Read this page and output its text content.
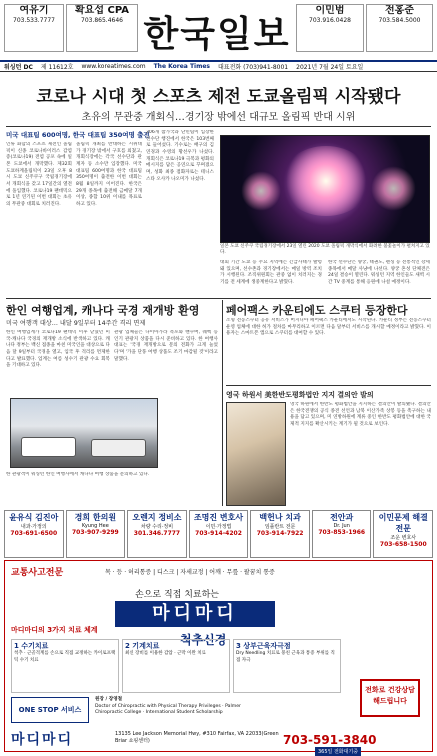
여유기
703.533.7777
확요섭 CPA
703.865.4646 한국일보
이민범
703.916.0428
전홍준
703.584.5000
워싱턴 DC 제 11612호 www.koreatimes.com The Korea Times 대표전화 (703)941-8001 2021년 7월 24일 토요일
코로나 시대 첫 스포츠 제전 도쿄올림픽 시작됐다
초유의 무관중 개회식…경기장 밖에선 대규모 올림픽 반대 시위
미국 대표팀 600여명, 한국 대표팀 350여명 출전
인류 화합의 스포츠 제전인 올림픽이 신종 코로나바이러스 감염증(코로나19) 전염 공포 속에 일본 도쿄에서 개막했다. 제32회 도쿄하계올림픽이 23일 오후 8시 도쿄 신주쿠구 국립경기장에서 개회식을 갖고 17일간의 열전에 돌입했다. 코로나19 팬데믹으로 1년 연기된 이번 대회는 초유의 무관중 대회로 치러진다.
올림픽 개최를 반대하는 시위대가 경기장 밖에서 구호를 외쳤고, 개회식장에는 각국 선수단과 관계자 등 소수만 입장했다. 미국 대표팀 600여명과 한국 대표팀 350여명이 출전한 이번 대회는 8월 8일까지 이어진다. 한국은 29개 종목에 출전해 금메달 7개 이상, 종합 10위 이내를 목표로 하고 있다.
206개 참가국과 난민팀이 입장한 선수단 행진에서 한국은 103번째로 들어섰다. 기수로는 배구의 김연경과 수영의 황선우가 나섰다. 개회식은 코로나19 극복과 평화의 메시지를 담은 공연으로 꾸며졌으며, 성화 최종 점화자로는 테니스 스타 오사카 나오미가 나섰다.
일본 도쿄 신주쿠 국립경기장에서 23일 열린 2020 도쿄 올림픽 개막식에서 화려한 불꽃놀이가 펼쳐지고 있다.
대회 기간 도쿄 등 주요 지역에는 긴급사태가 발령돼 있으며, 선수촌과 경기장에서는 매일 방역 조치가 시행된다. 조직위원회는 관중 없이 치러지는 경기를 전 세계에 생중계한다고 밝혔다.
한국 선수단은 양궁, 태권도, 펜싱 등 전통적인 강세 종목에서 메달 사냥에 나선다. 양궁 혼성 단체전은 24일 결승이 열린다. 워싱턴 지역 한인들도 새벽 시간 TV 중계를 통해 응원에 나설 예정이다.
한인 여행업계, 캐나다 국경 재개방 환영
미국 여행객 대상… 내달 9일부터 14주간 격리 면제
한인 여행업계가 코로나19 팬데믹 이후 닫혔던 미국-캐나다 국경의 재개방 소식에 반색하고 있다. 캐나다 정부는 백신 접종을 마친 미국인을 대상으로 다음 달 9일부터 국경을 열고, 입국 후 격리를 면제한다고 발표했다. 업계는 여름 성수기 관광 수요 회복을 기대하고 있다.
관광 업체들은 나이아가라 폭포와 밴쿠버, 퀘벡 등 인기 관광지 상품을 다시 준비하고 있다. 한 여행사 대표는 '국경 재개방으로 문의 전화가 크게 늘었다'며 '가을 단풍 여행 상품도 조기 마감될 것'이라고 말했다.
한 관광객이 워싱턴 한인 여행사에서 캐나다 여행 상품을 문의하고 있다.
페어팩스 카운티에도 스쿠터 등장한다
소형 전동스쿠터 공유 서비스가 버지니아 페어팩스 카운티에서도 시작된다. 카운티 정부는 전동스쿠터 운영 업체에 대한 허가 절차를 마무리하고 이르면 다음 달부터 서비스를 개시할 예정이라고 밝혔다. 이용자는 스마트폰 앱으로 스쿠터를 대여할 수 있다.
영국 하원서 美한반도평화법안 지지 결의안 발의
영국 하원에서 한반도 평화법안을 지지하는 결의안이 발의됐다. 결의안은 한국전쟁의 공식 종전 선언과 남북 이산가족 상봉 등을 촉구하는 내용을 담고 있으며, 미 연방하원에 계류 중인 한반도 평화법안에 대한 국제적 지지를 확산시키는 계기가 될 것으로 보인다.
윤유식 김진아
내과·가정의
703-691-6500
경희 한의원
Kyung Hee
703-907-9299
오렌지 정비소
차량 수리·정비
301.346.7777
조명진 변호사
이민·가정법
703-914-4202
백헌나 치과
임플란트 전문
703-914-7922
전안과
Dr. Jun
703-853-1966
이민문제 해결전문
조운 변호사
703-658-1500
교통사고전문	목 · 등 · 허리통증 | 디스크 | 자세교정 | 어깨 · 무릎 · 팔꿈치 통증
손으로 직접 치료하는
마디마디
척추신경
마디마디의 3가지 치료 체계
1 수기치료
척추 · 근골격계를 손으로 직접 교정하는 카이로프랙틱 수기 치료
2 기계치료
최신 장비를 이용한 감압 · 근막 이완 치료
3 상부근육자극점
Dry Needling 치료로 뭉친 근육과 통증 부위를 직접 자극
ONE STOP 서비스
원장 / 장영철
Doctor of Chiropractic with Physical Therapy Privileges · Palmer Chiropractic College · International Student Scholarship
전화로 건강상담 해드립니다
마디마디	13135 Lee Jackson Memorial Hwy, #310 Fairfax, VA 22033(Green Briar 쇼핑센터)	703-591-3840
365일 전화대기중
